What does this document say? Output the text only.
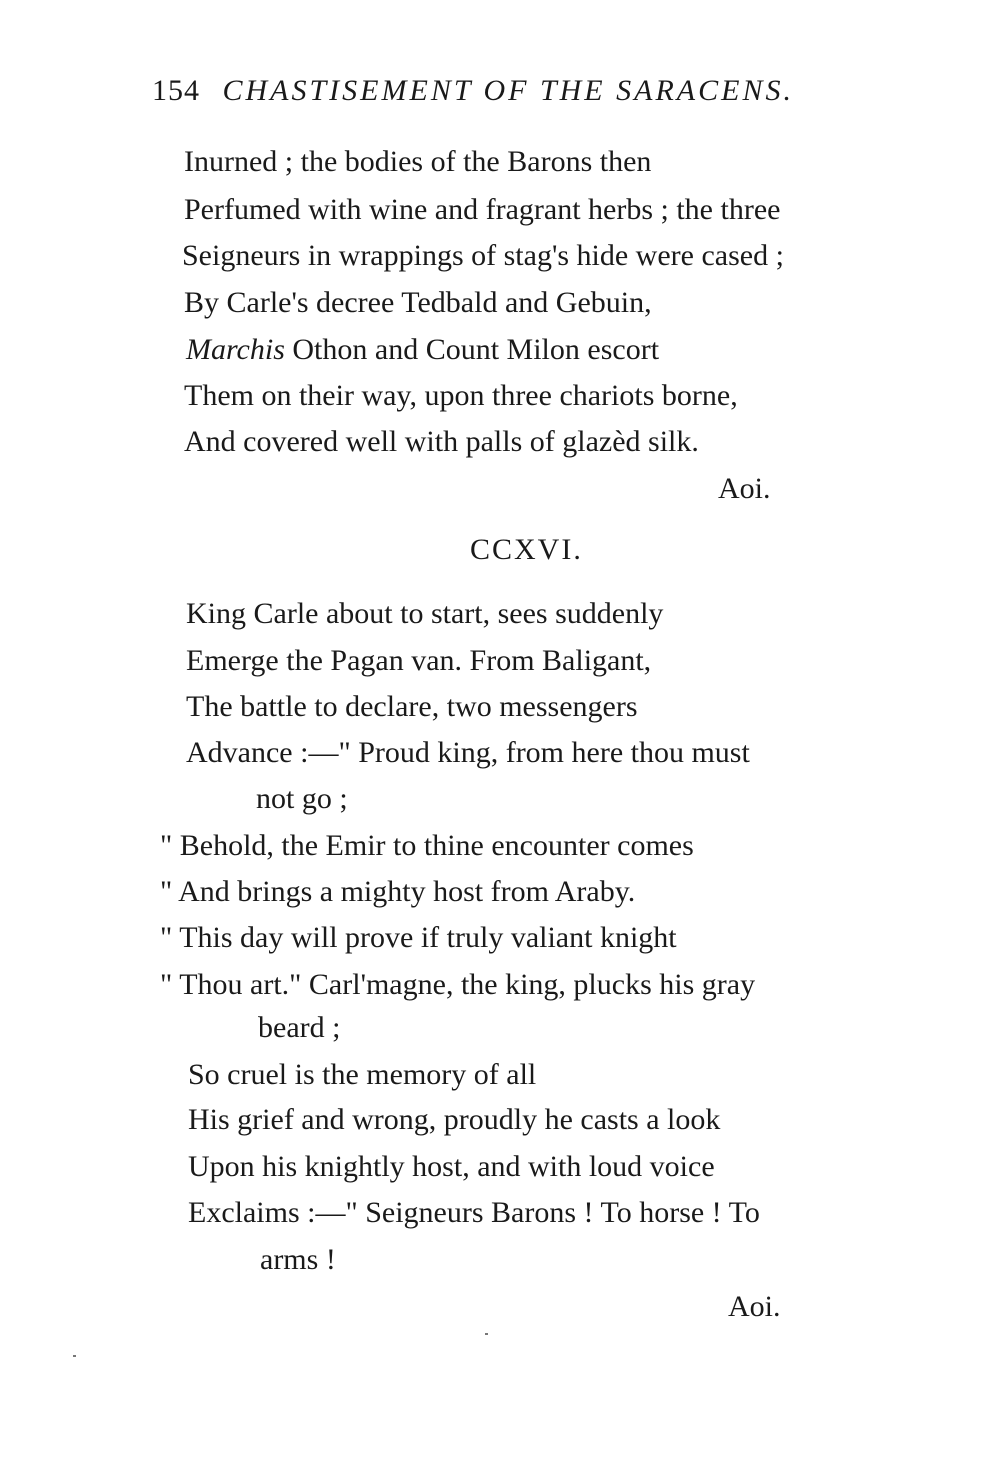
154 CHASTISEMENT OF THE SARACENS.
Inurned ; the bodies of the Barons then
Perfumed with wine and fragrant herbs ; the three
Seigneurs in wrappings of stag's hide were cased ;
By Carle's decree Tedbald and Gebuin,
Marchis Othon and Count Milon escort
Them on their way, upon three chariots borne,
And covered well with palls of glazèd silk.
Aoi.
CCXVI.
King Carle about to start, sees suddenly
Emerge the Pagan van. From Baligant,
The battle to declare, two messengers
Advance :—" Proud king, from here thou must
not go ;
" Behold, the Emir to thine encounter comes
" And brings a mighty host from Araby.
" This day will prove if truly valiant knight
" Thou art." Carl'magne, the king, plucks his gray
beard ;
So cruel is the memory of all
His grief and wrong, proudly he casts a look
Upon his knightly host, and with loud voice
Exclaims :—" Seigneurs Barons ! To horse ! To
arms !
Aoi.
